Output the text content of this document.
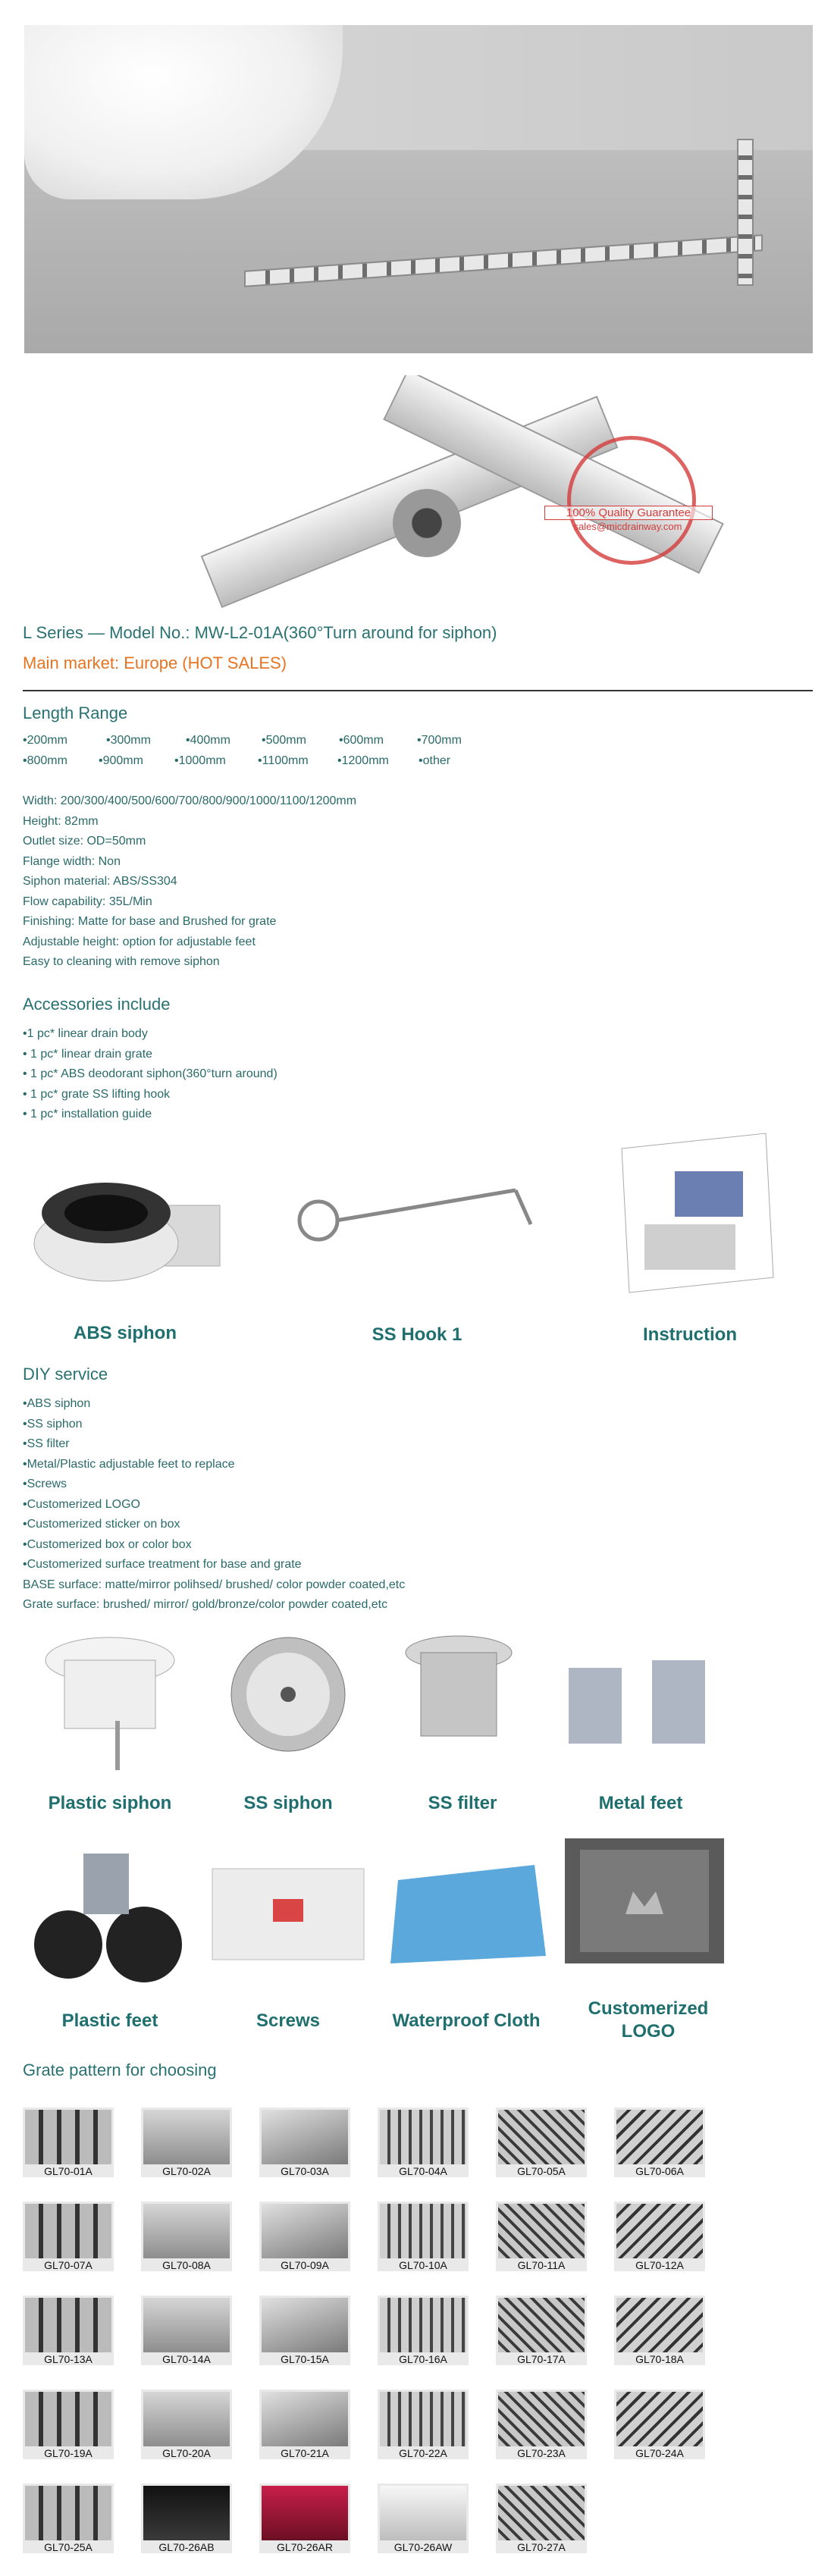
100% Quality Guarantee
sales@micdrainway.com
L Series — Model No.: MW-L2-01A(360°Turn around for siphon)
Main market: Europe (HOT SALES)
Length Range
•200mm	•300mm	•400mm	•500mm	•600mm	•700mm
•800mm	•900mm	•1000mm	•1100mm •1200mm •other
Width: 200/300/400/500/600/700/800/900/1000/1100/1200mm
Height: 82mm
Outlet size: OD=50mm
Flange width: Non
Siphon material: ABS/SS304
Flow capability: 35L/Min
Finishing: Matte for base and Brushed for grate
Adjustable height: option for adjustable feet
Easy to cleaning with remove siphon
Accessories include
•1 pc* linear drain body
• 1 pc* linear drain grate
• 1 pc* ABS deodorant siphon(360°turn around)
• 1 pc* grate SS lifting hook
• 1 pc* installation guide
ABS siphon	SS Hook 1	Instruction
DIY service
•ABS siphon
•SS siphon
•SS filter
•Metal/Plastic adjustable feet to replace
•Screws
•Customerized LOGO
•Customerized sticker on box
•Customerized box or color box
•Customerized surface treatment for base and grate
BASE surface: matte/mirror polihsed/ brushed/ color powder coated,etc
Grate surface: brushed/ mirror/ gold/bronze/color powder coated,etc
Plastic siphon	SS siphon	SS filter	Metal feet
Plastic feet	Screws	Waterproof Cloth
Customerized LOGO
Grate pattern for choosing
GL70-01A	GL70-02A	GL70-03A	GL70-04A	GL70-05A	GL70-06A
GL70-07A	GL70-08A	GL70-09A	GL70-10A	GL70-11A	GL70-12A
GL70-13A	GL70-14A	GL70-15A	GL70-16A	GL70-17A	GL70-18A
GL70-19A	GL70-20A	GL70-21A	GL70-22A	GL70-23A	GL70-24A
GL70-25A	GL70-26AB	GL70-26AR	GL70-26AW	GL70-27A
